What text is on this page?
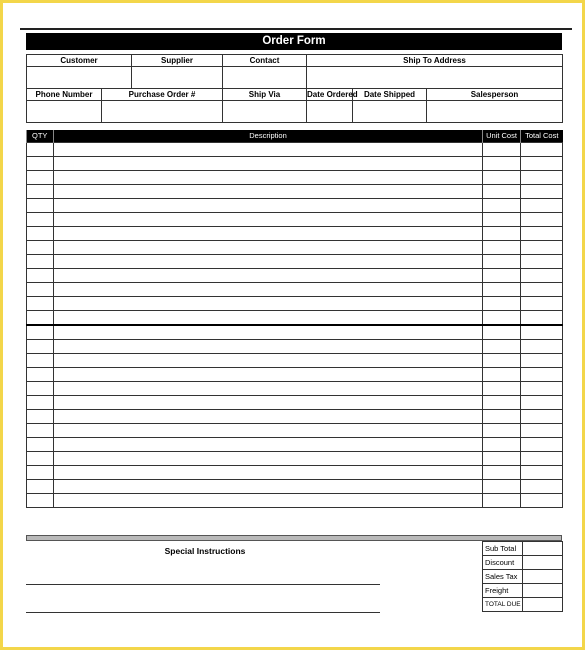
Order Form
Customer		Supplier	Contact	Ship To Address		

Phone Number	Purchase Order #		Ship Via	Date Ordered	Date Shipped	Salesperson

QTY	Description	Unit Cost	Total Cost

Special Instructions	Sub Total	
Discount	
Sales Tax	
Freight	
TOTAL DUE	
